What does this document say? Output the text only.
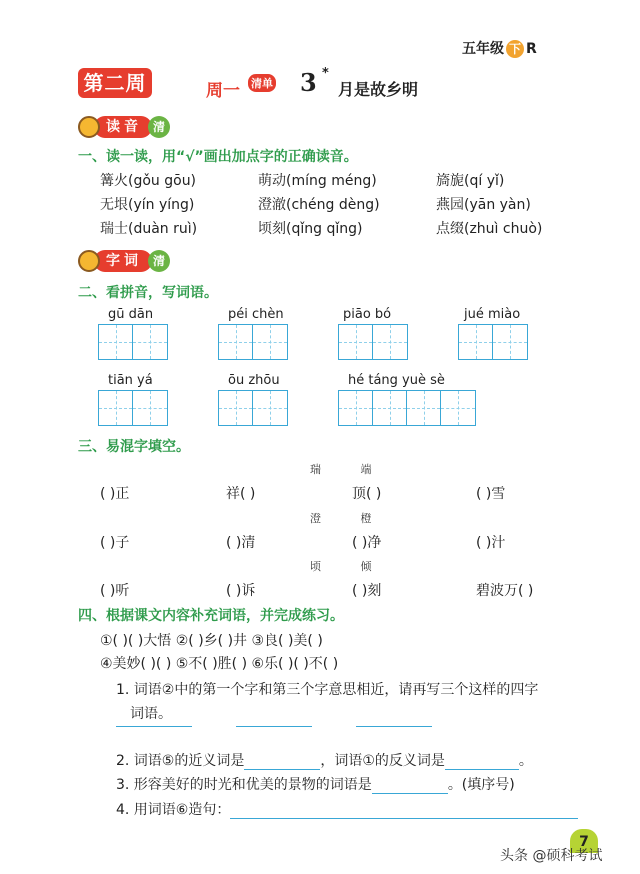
五年级 下 R
第二周	周一 清单 3 *
月是故乡明
读音 清
一、读一读，用“√”画出加点字的正确读音。
篝火(gǒu gōu)	萌动(míng méng)	旖旎(qí yǐ)
无垠(yín yíng)	澄澈(chéng dèng)	燕园(yān yàn)
瑞士(duàn ruì)	顷刻(qǐng qǐng)	点缀(zhuì chuò)
字词 清
二、看拼音，写词语。
gū dān	péi chèn	piāo bó	jué miào
tiān yá	ōu zhōu	hé táng yuè sè
三、易混字填空。
瑞 端
( )正	祥( )	顶( )	( )雪
澄 橙
( )子	( )清	( )净	( )汁
顷 倾
( )听	( )诉	( )刻	碧波万( )
四、根据课文内容补充词语，并完成练习。
①( )( )大悟 ②( )乡( )井 ③良( )美( )
④美妙( )( ) ⑤不( )胜( ) ⑥乐( )( )不( )
1. 词语②中的第一个字和第三个字意思相近，请再写三个这样的四字
词语。
2. 词语⑤的近义词是	，词语①的反义词是	。
3. 形容美好的时光和优美的景物的词语是	。(填序号)
4. 用词语⑥造句：
7
头条 @硕科考试
